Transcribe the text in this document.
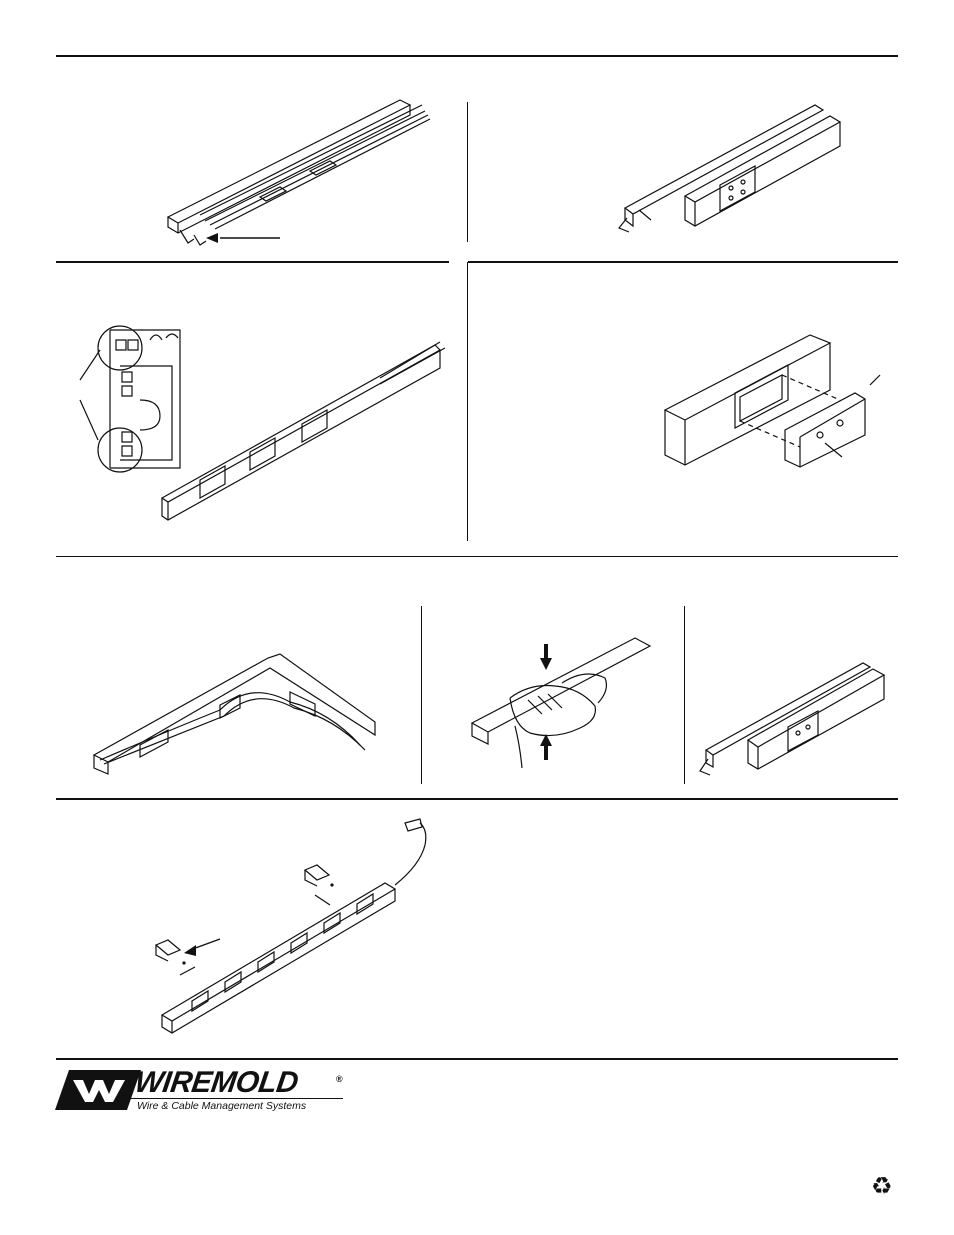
WIREMOLD	®
Wire & Cable Management Systems
♻
